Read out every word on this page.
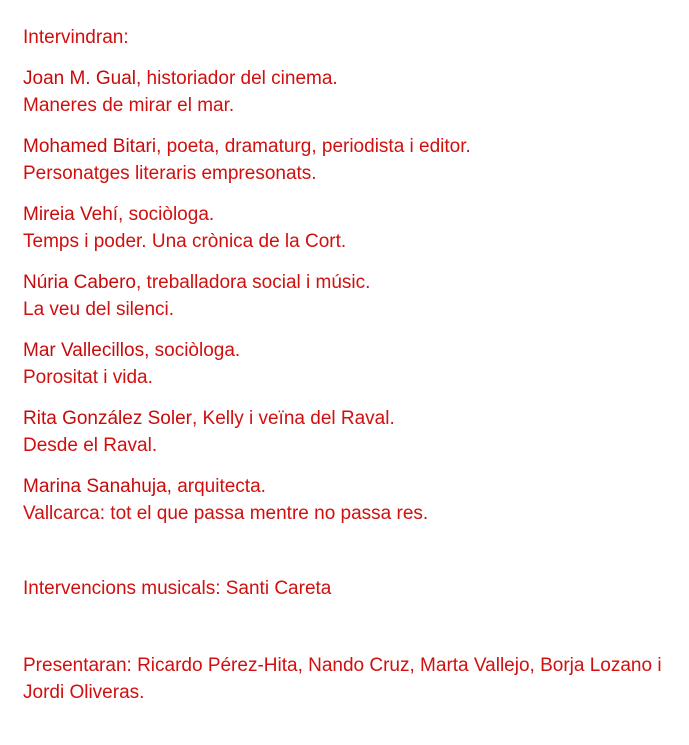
Intervindran:
Joan M. Gual, historiador del cinema.
Maneres de mirar el mar.
Mohamed Bitari, poeta, dramaturg, periodista i editor.
Personatges literaris empresonats.
Mireia Vehí, sociòloga.
Temps i poder. Una crònica de la Cort.
Núria Cabero, treballadora social i músic.
La veu del silenci.
Mar Vallecillos, sociòloga.
Porositat i vida.
Rita González Soler, Kelly i veïna del Raval.
Desde el Raval.
Marina Sanahuja, arquitecta.
Vallcarca: tot el que passa mentre no passa res.
Intervencions musicals: Santi Careta
Presentaran: Ricardo Pérez-Hita, Nando Cruz, Marta Vallejo, Borja Lozano i Jordi Oliveras.
